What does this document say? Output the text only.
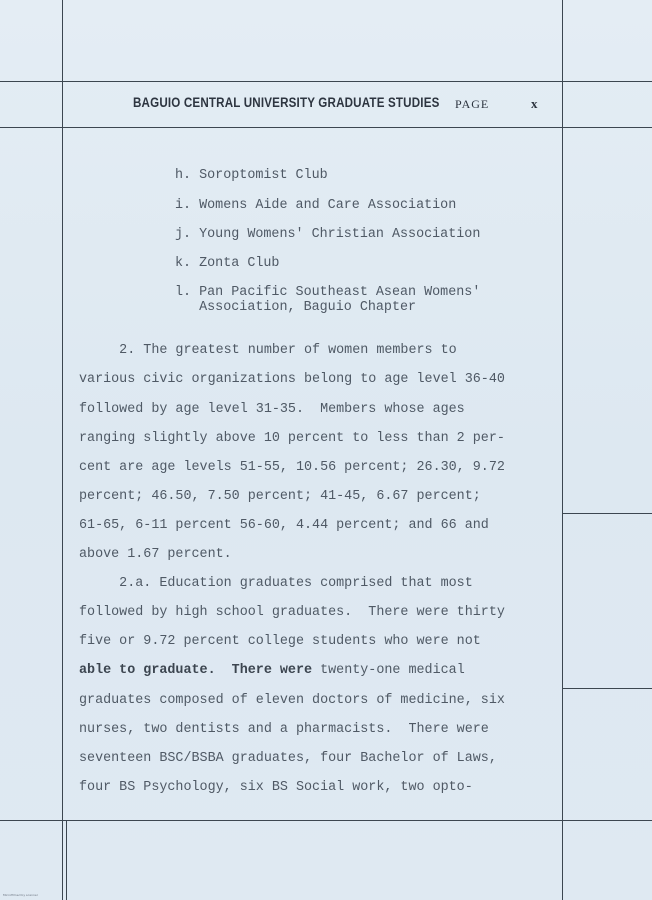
BAGUIO CENTRAL UNIVERSITY GRADUATE STUDIES PAGE	x
h. Soroptomist Club
i. Womens Aide and Care Association
j. Young Womens' Christian Association
k. Zonta Club
l. Pan Pacific Southeast Asean Womens'
Association, Baguio Chapter
2. The greatest number of women members to
various civic organizations belong to age level 36-40
followed by age level 31-35.  Members whose ages
ranging slightly above 10 percent to less than 2 per-
cent are age levels 51-55, 10.56 percent; 26.30, 9.72
percent; 46.50, 7.50 percent; 41-45, 6.67 percent;
61-65, 6-11 percent 56-60, 4.44 percent; and 66 and
above 1.67 percent.
2.a. Education graduates comprised that most
followed by high school graduates.  There were thirty
five or 9.72 percent college students who were not
able to graduate.  There were twenty-one medical
graduates composed of eleven doctors of medicine, six
nurses, two dentists and a pharmacists.  There were
seventeen BSC/BSBA graduates, four Bachelor of Laws,
four BS Psychology, six BS Social work, two opto-
Microfilmed by scanner
